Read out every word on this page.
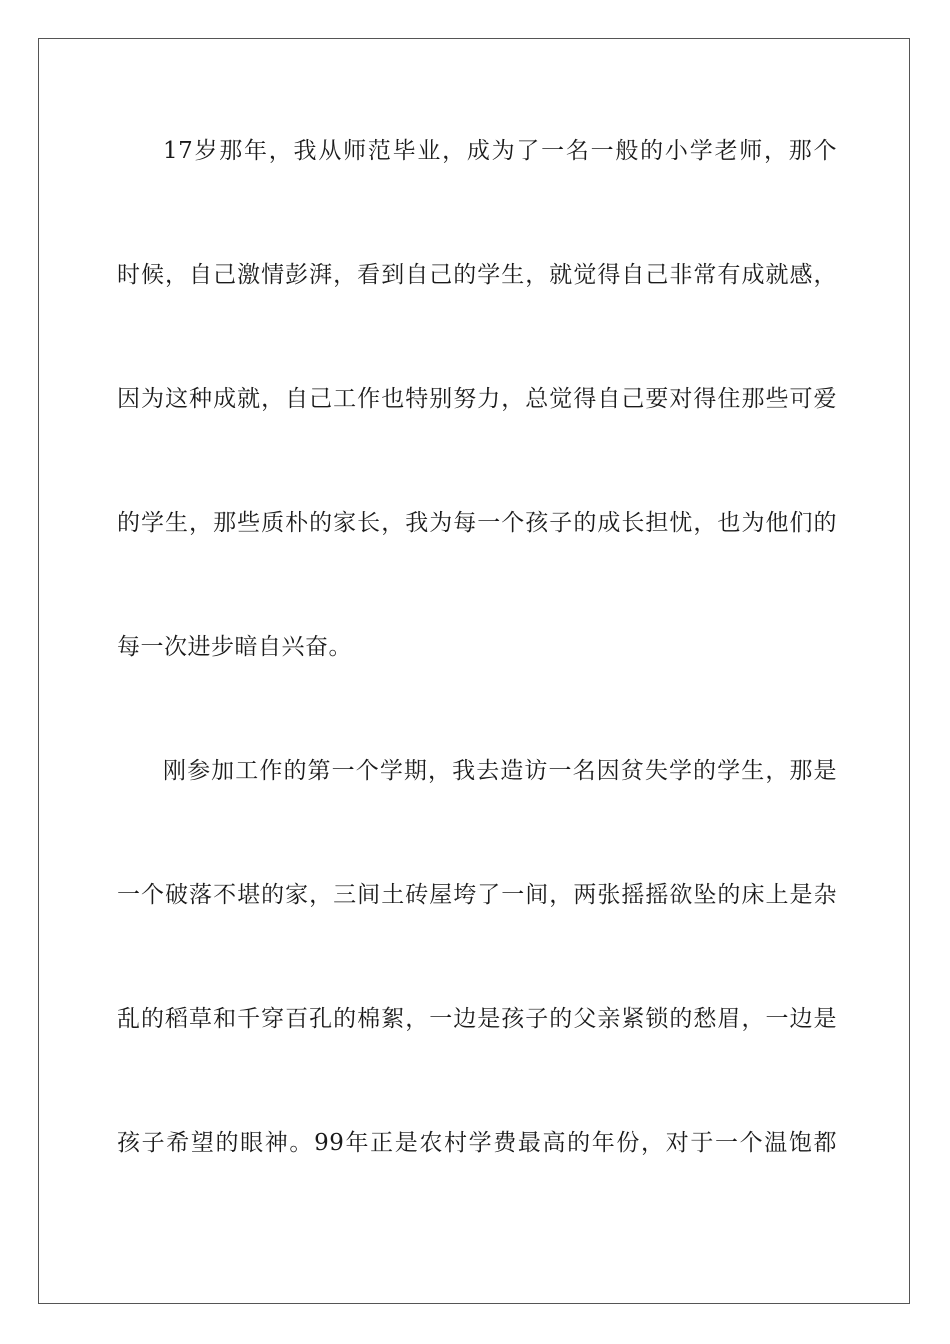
17岁那年，我从师范毕业，成为了一名一般的小学老师，那个
时候，自己激情彭湃，看到自己的学生，就觉得自己非常有成就感，
因为这种成就，自己工作也特别努力，总觉得自己要对得住那些可爱
的学生，那些质朴的家长，我为每一个孩子的成长担忧，也为他们的
每一次进步暗自兴奋。
刚参加工作的第一个学期，我去造访一名因贫失学的学生，那是
一个破落不堪的家，三间土砖屋垮了一间，两张摇摇欲坠的床上是杂
乱的稻草和千穿百孔的棉絮，一边是孩子的父亲紧锁的愁眉，一边是
孩子希望的眼神。99年正是农村学费最高的年份，对于一个温饱都
